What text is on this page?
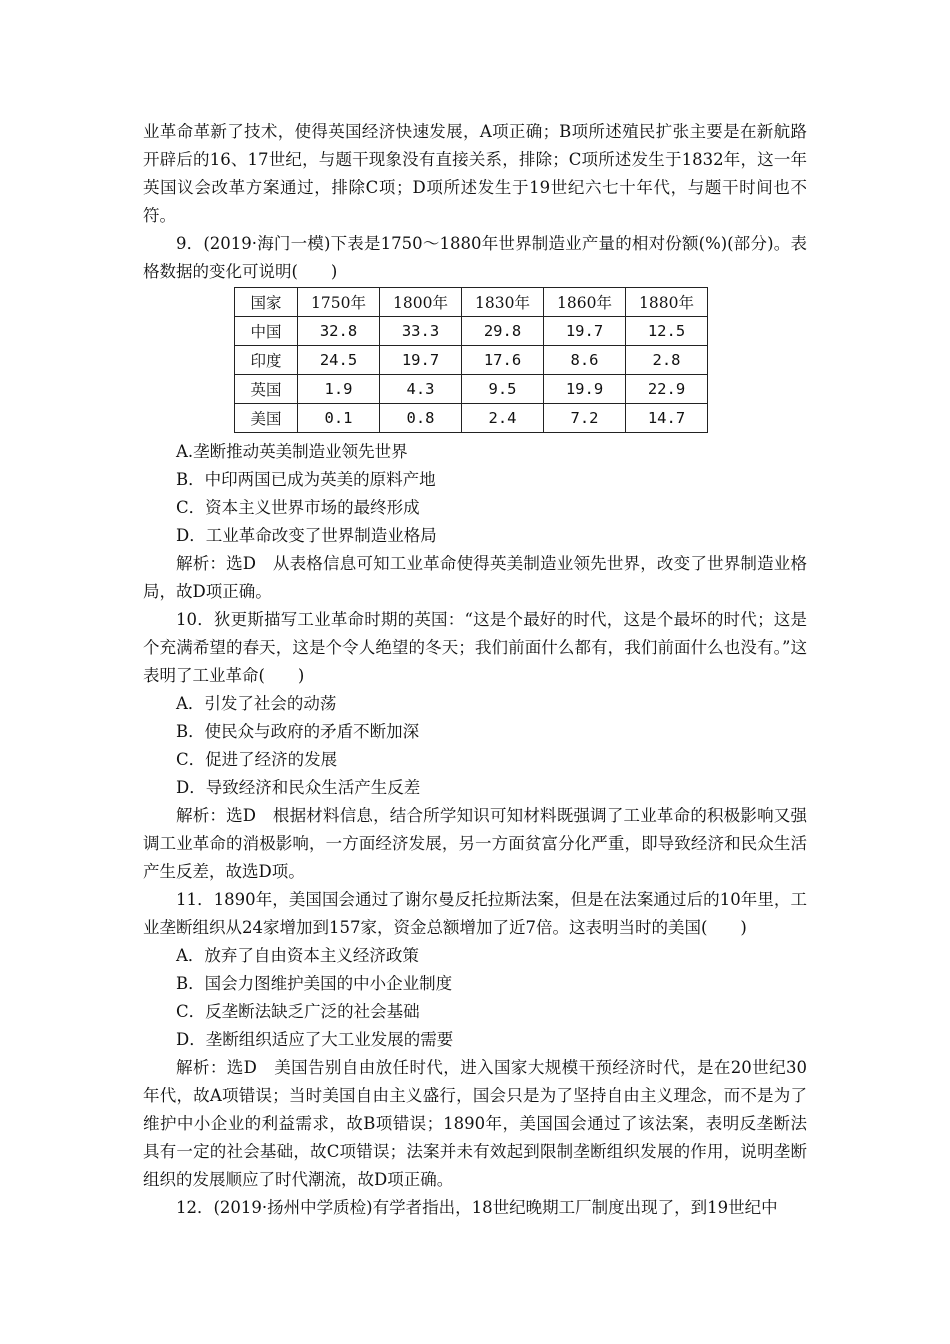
业革命革新了技术，使得英国经济快速发展，A项正确；B项所述殖民扩张主要是在新航路开辟后的16、17世纪，与题干现象没有直接关系，排除；C项所述发生于1832年，这一年英国议会改革方案通过，排除C项；D项所述发生于19世纪六七十年代，与题干时间也不符。

9．(2019·海门一模)下表是1750～1880年世界制造业产量的相对份额(%)(部分)。表格数据的变化可说明(　　)

国家	1750年	1800年	1830年	1860年	1880年
中国	32.8	33.3	29.8	19.7	12.5
印度	24.5	19.7	17.6	8.6	2.8
英国	1.9	4.3	9.5	19.9	22.9
美国	0.1	0.8	2.4	7.2	14.7

A.垄断推动英美制造业领先世界

B．中印两国已成为英美的原料产地

C．资本主义世界市场的最终形成

D．工业革命改变了世界制造业格局

解析：选D　从表格信息可知工业革命使得英美制造业领先世界，改变了世界制造业格局，故D项正确。

10．狄更斯描写工业革命时期的英国：“这是个最好的时代，这是个最坏的时代；这是个充满希望的春天，这是个令人绝望的冬天；我们前面什么都有，我们前面什么也没有。”这表明了工业革命(　　)

A．引发了社会的动荡

B．使民众与政府的矛盾不断加深

C．促进了经济的发展

D．导致经济和民众生活产生反差

解析：选D　根据材料信息，结合所学知识可知材料既强调了工业革命的积极影响又强调工业革命的消极影响，一方面经济发展，另一方面贫富分化严重，即导致经济和民众生活产生反差，故选D项。

11．1890年，美国国会通过了谢尔曼反托拉斯法案，但是在法案通过后的10年里，工业垄断组织从24家增加到157家，资金总额增加了近7倍。这表明当时的美国(　　)

A．放弃了自由资本主义经济政策

B．国会力图维护美国的中小企业制度

C．反垄断法缺乏广泛的社会基础

D．垄断组织适应了大工业发展的需要

解析：选D　美国告别自由放任时代，进入国家大规模干预经济时代，是在20世纪30年代，故A项错误；当时美国自由主义盛行，国会只是为了坚持自由主义理念，而不是为了维护中小企业的利益需求，故B项错误；1890年，美国国会通过了该法案，表明反垄断法具有一定的社会基础，故C项错误；法案并未有效起到限制垄断组织发展的作用，说明垄断组织的发展顺应了时代潮流，故D项正确。

12．(2019·扬州中学质检)有学者指出，18世纪晚期工厂制度出现了，到19世纪中
